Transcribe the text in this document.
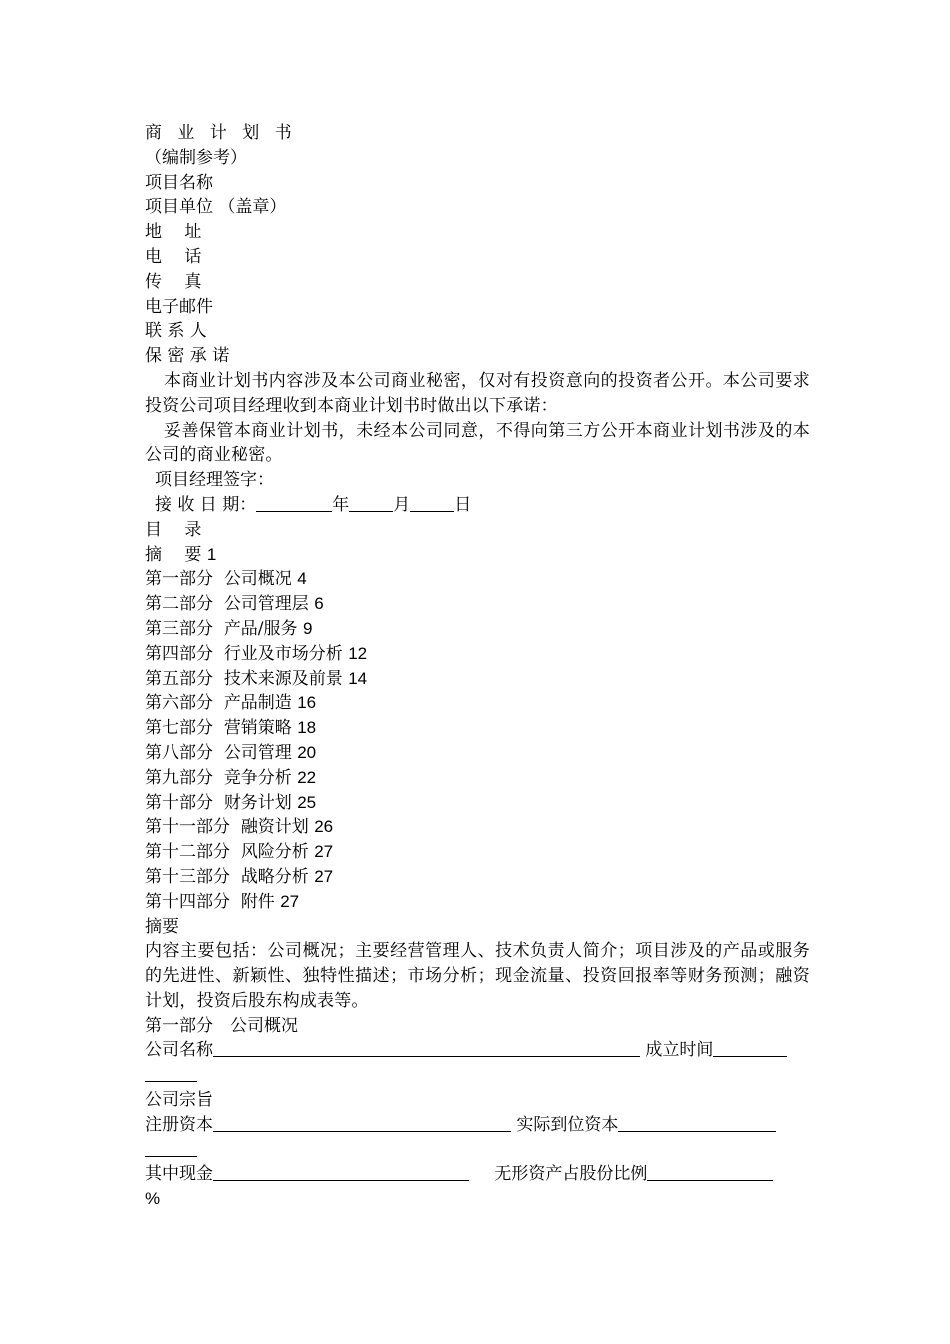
商 业 计 划 书
（编制参考）
项目名称
项目单位 （盖章）
地　 址
电　 话
传　 真
电子邮件
联 系 人
保 密 承 诺
本商业计划书内容涉及本公司商业秘密，仅对有投资意向的投资者公开。本公司要求投资公司项目经理收到本商业计划书时做出以下承诺：
妥善保管本商业计划书，未经本公司同意，不得向第三方公开本商业计划书涉及的本公司的商业秘密。
项目经理签字：
接 收 日 期：	年	月	日
目　 录
摘　 要 1
第一部分 公司概况 4
第二部分 公司管理层 6
第三部分 产品/服务 9
第四部分 行业及市场分析 12
第五部分 技术来源及前景 14
第六部分 产品制造 16
第七部分 营销策略 18
第八部分 公司管理 20
第九部分 竞争分析 22
第十部分 财务计划 25
第十一部分 融资计划 26
第十二部分 风险分析 27
第十三部分 战略分析 27
第十四部分 附件 27
摘要
内容主要包括：公司概况；主要经营管理人、技术负责人简介；项目涉及的产品或服务的先进性、新颖性、独特性描述；市场分析；现金流量、投资回报率等财务预测；融资计划，投资后股东构成表等。
第一部分　公司概况
公司名称	成立时间
公司宗旨
注册资本	实际到位资本
其中现金	无形资产占股份比例
%
